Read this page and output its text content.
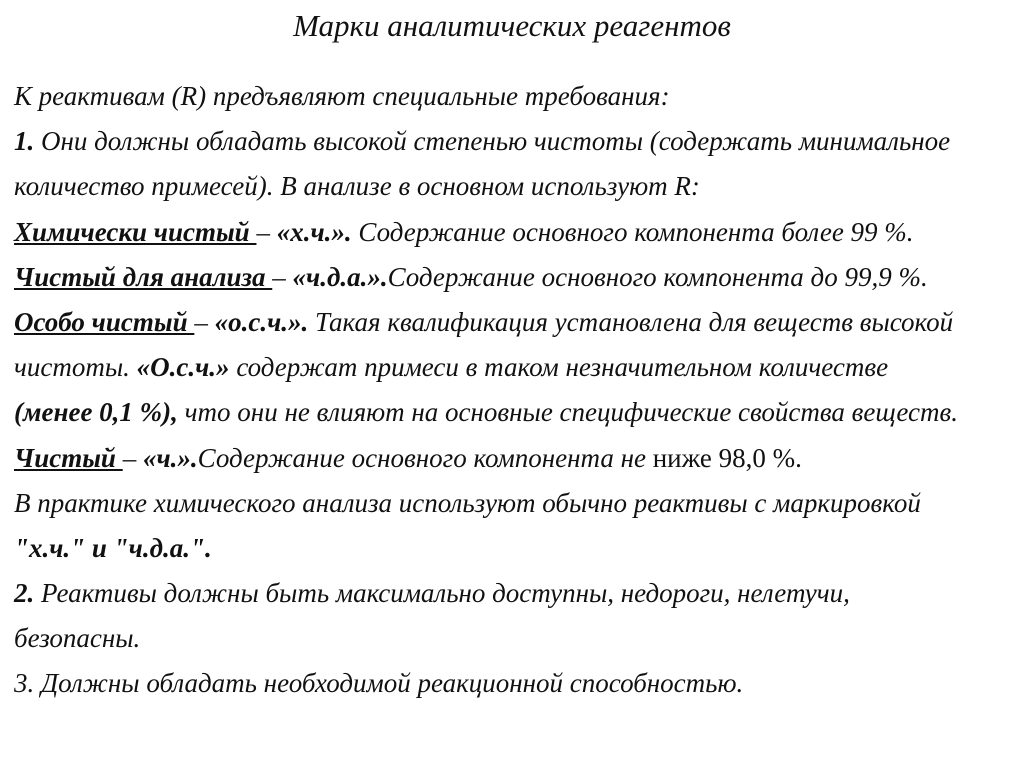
Марки аналитических реагентов
К реактивам (R) предъявляют специальные требования:
1. Они должны обладать высокой степенью чистоты (содержать минимальное
количество примесей). В анализе в основном используют R:
Химически чистый – «х.ч.». Содержание основного компонента более 99 %.
Чистый для анализа – «ч.д.а.».Содержание основного компонента до 99,9 %.
Особо чистый – «о.с.ч.». Такая квалификация установлена для веществ высокой
чистоты. «О.с.ч.» содержат примеси в таком незначительном количестве
(менее 0,1 %), что они не влияют на основные специфические свойства веществ.
Чистый – «ч.».Содержание основного компонента не ниже 98,0 %.
В практике химического анализа используют обычно реактивы с маркировкой
"х.ч." и "ч.д.а.".
2. Реактивы должны быть максимально доступны, недороги, нелетучи,
безопасны.
3. Должны обладать необходимой реакционной способностью.
